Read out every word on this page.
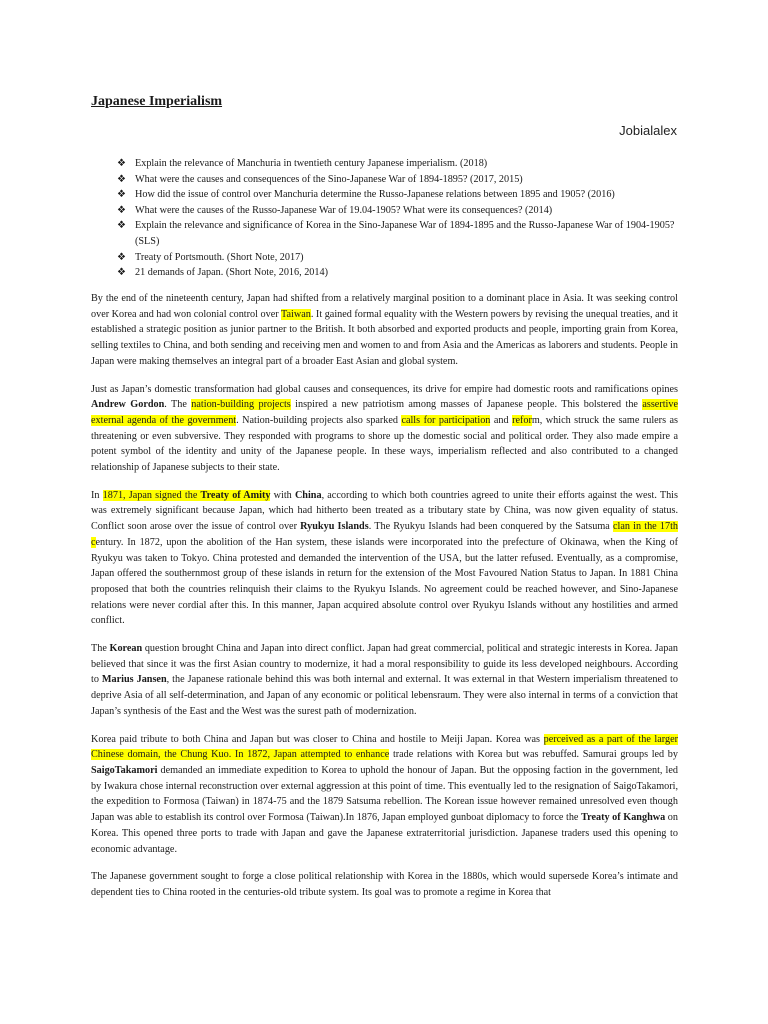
Japanese Imperialism
Jobialalex
❖ Explain the relevance of Manchuria in twentieth century Japanese imperialism. (2018)
❖ What were the causes and consequences of the Sino-Japanese War of 1894-1895? (2017, 2015)
❖ How did the issue of control over Manchuria determine the Russo-Japanese relations between 1895 and 1905? (2016)
❖ What were the causes of the Russo-Japanese War of 19.04-1905? What were its consequences? (2014)
❖ Explain the relevance and significance of Korea in the Sino-Japanese War of 1894-1895 and the Russo-Japanese War of 1904-1905? (SLS)
❖ Treaty of Portsmouth. (Short Note, 2017)
❖ 21 demands of Japan. (Short Note, 2016, 2014)

By the end of the nineteenth century, Japan had shifted from a relatively marginal position to a dominant place in Asia. It was seeking control over Korea and had won colonial control over Taiwan. It gained formal equality with the Western powers by revising the unequal treaties, and it established a strategic position as junior partner to the British. It both absorbed and exported products and people, importing grain from Korea, selling textiles to China, and both sending and receiving men and women to and from Asia and the Americas as laborers and students. People in Japan were making themselves an integral part of a broader East Asian and global system.

Just as Japan’s domestic transformation had global causes and consequences, its drive for empire had domestic roots and ramifications opines Andrew Gordon. The nation-building projects inspired a new patriotism among masses of Japanese people. This bolstered the assertive external agenda of the government. Nation-building projects also sparked calls for participation and reform, which struck the same rulers as threatening or even subversive. They responded with programs to shore up the domestic social and political order. They also made empire a potent symbol of the identity and unity of the Japanese people. In these ways, imperialism reflected and also contributed to a changed relationship of Japanese subjects to their state.

In 1871, Japan signed the Treaty of Amity with China, according to which both countries agreed to unite their efforts against the west. This was extremely significant because Japan, which had hitherto been treated as a tributary state by China, was now given equality of status. Conflict soon arose over the issue of control over Ryukyu Islands. The Ryukyu Islands had been conquered by the Satsuma clan in the 17th century. In 1872, upon the abolition of the Han system, these islands were incorporated into the prefecture of Okinawa, when the King of Ryukyu was taken to Tokyo. China protested and demanded the intervention of the USA, but the latter refused. Eventually, as a compromise, Japan offered the southernmost group of these islands in return for the extension of the Most Favoured Nation Status to Japan. In 1881 China proposed that both the countries relinquish their claims to the Ryukyu Islands. No agreement could be reached however, and Sino-Japanese relations were never cordial after this. In this manner, Japan acquired absolute control over Ryukyu Islands without any hostilities and armed conflict.

The Korean question brought China and Japan into direct conflict. Japan had great commercial, political and strategic interests in Korea. Japan believed that since it was the first Asian country to modernize, it had a moral responsibility to guide its less developed neighbours. According to Marius Jansen, the Japanese rationale behind this was both internal and external. It was external in that Western imperialism threatened to deprive Asia of all self-determination, and Japan of any economic or political lebensraum. They were also internal in terms of a conviction that Japan’s synthesis of the East and the West was the surest path of modernization.

Korea paid tribute to both China and Japan but was closer to China and hostile to Meiji Japan. Korea was perceived as a part of the larger Chinese domain, the Chung Kuo. In 1872, Japan attempted to enhance trade relations with Korea but was rebuffed. Samurai groups led by SaigoTakamori demanded an immediate expedition to Korea to uphold the honour of Japan. But the opposing faction in the government, led by Iwakura chose internal reconstruction over external aggression at this point of time. This eventually led to the resignation of SaigoTakamori, the expedition to Formosa (Taiwan) in 1874-75 and the 1879 Satsuma rebellion. The Korean issue however remained unresolved even though Japan was able to establish its control over Formosa (Taiwan).In 1876, Japan employed gunboat diplomacy to force the Treaty of Kanghwa on Korea. This opened three ports to trade with Japan and gave the Japanese extraterritorial jurisdiction. Japanese traders used this opening to economic advantage.

The Japanese government sought to forge a close political relationship with Korea in the 1880s, which would supersede Korea’s intimate and dependent ties to China rooted in the centuries-old tribute system. Its goal was to promote a regime in Korea that
